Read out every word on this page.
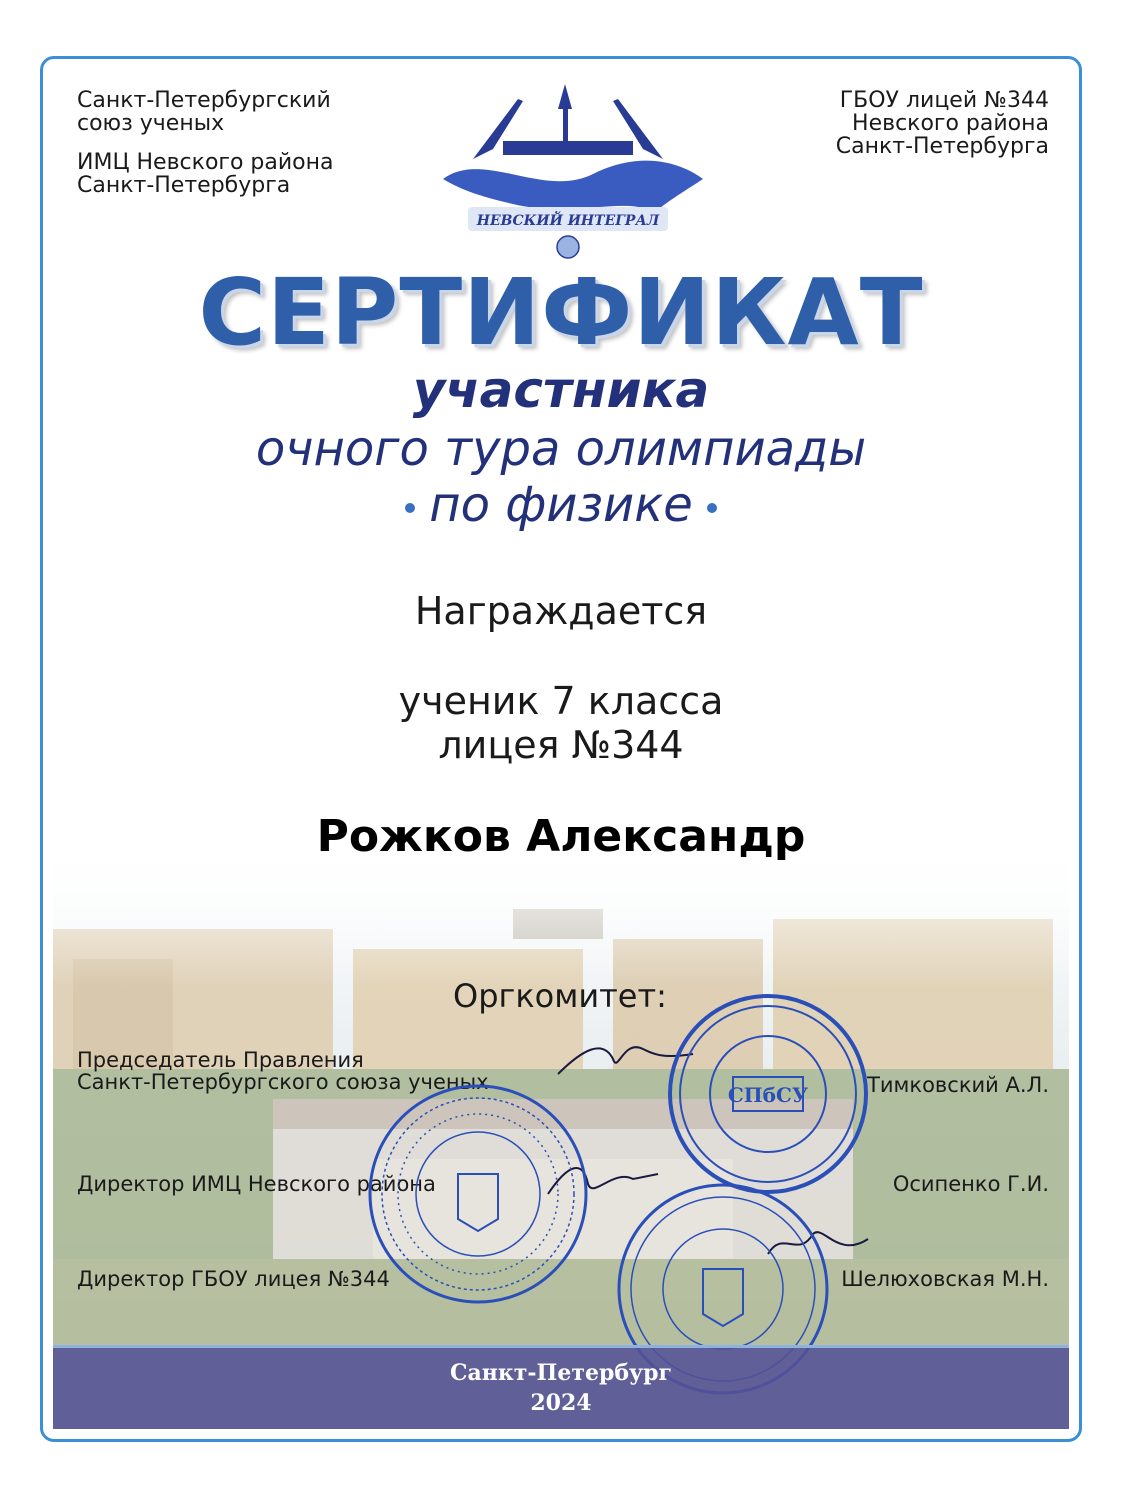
Санкт-Петербургский
союз ученых
ИМЦ Невского района
Санкт-Петербурга
ГБОУ лицей №344
Невского района
Санкт-Петербурга
НЕВСКИЙ ИНТЕГРАЛ
СЕРТИФИКАТ
участника
очного тура олимпиады
по физике
Награждается
ученик 7 класса
лицея №344
Рожков Александр
Оргкомитет:
Председатель Правления
Санкт-Петербургского союза ученых	Тимковский А.Л.
Директор ИМЦ Невского района	Осипенко Г.И.
Директор ГБОУ лицея №344	Шелюховская М.Н.
СПбСУ
Санкт-Петербург
2024
